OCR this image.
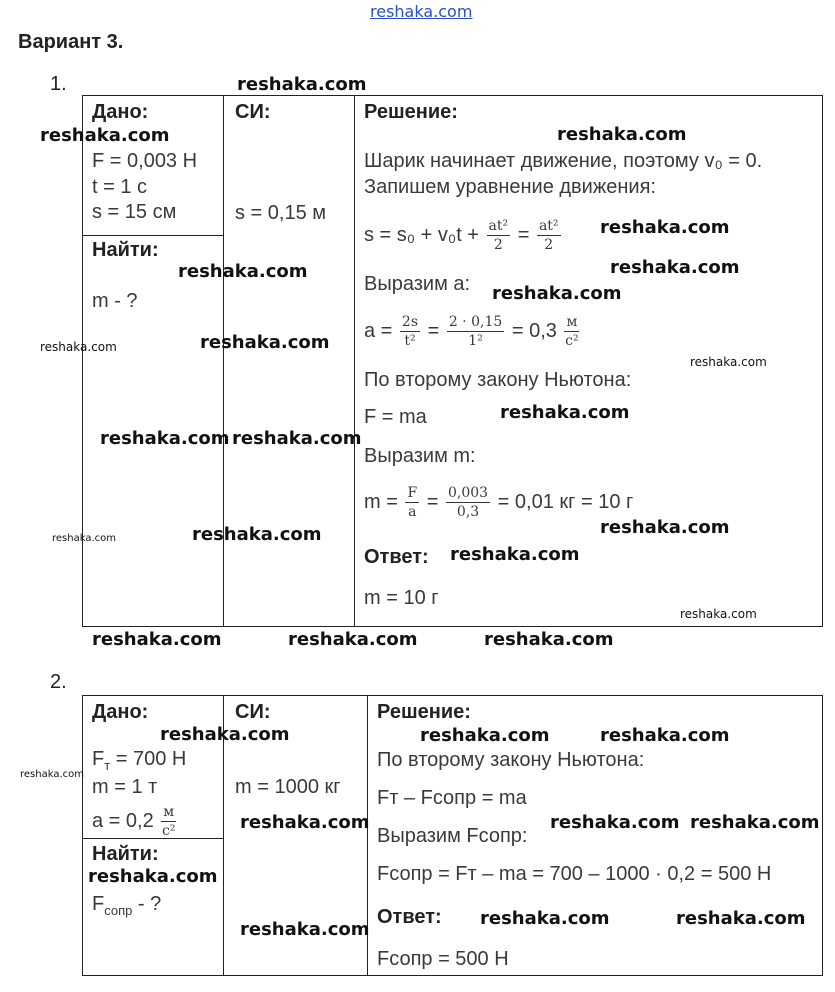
Вариант 3.
1.
Дано:
F = 0,003 Н
t = 1 с
s = 15 см
Найти:
m - ?
СИ:
s = 0,15 м
Решение:
Шарик начинает движение, поэтому v₀ = 0.
Запишем уравнение движения:
$s = s_0 + v_0t + \frac{\text{at²}}{2} = \frac{\text{at²}}{2}$
Выразим a:
$a = \frac{2s}{\text{t²}} = \frac{2 \cdot 0,15}{\text{1²}} = 0,3$ м
с²
По второму закону Ньютона:
F = ma
Выразим m:
$m = \frac{F}{a} = \frac{0,003}{0,3} = 0,01$ кг = 10 г
Ответ:
m = 10 г
2.
Дано:
$F_т = 700$ Н
m = 1 т
a = 0,2 м
с²
Найти:
$F_{сопр}$ - ?
СИ:
m = 1000 кг
Решение:
По второму закону Ньютона:
Fт – Fсопр = ma
Выразим Fсопр:
Fсопр = Fт – ma = 700 – 1000 · 0,2 = 500 Н
Ответ:
Fсопр = 500 Н
reshaka.com
reshaka.com
reshaka.com	reshaka.com
reshaka.com
reshaka.com	reshaka.com
reshaka.com
reshaka.com	reshaka.com
reshaka.com
reshaka.com
reshaka.com reshaka.com
reshaka.com	reshaka.com
reshaka.com
reshaka.com
reshaka.com
reshaka.com	reshaka.com	reshaka.com
reshaka.com	reshaka.com	reshaka.com
reshaka.com
reshaka.com	reshaka.com reshaka.com
reshaka.com
reshaka.com
reshaka.com	reshaka.com
